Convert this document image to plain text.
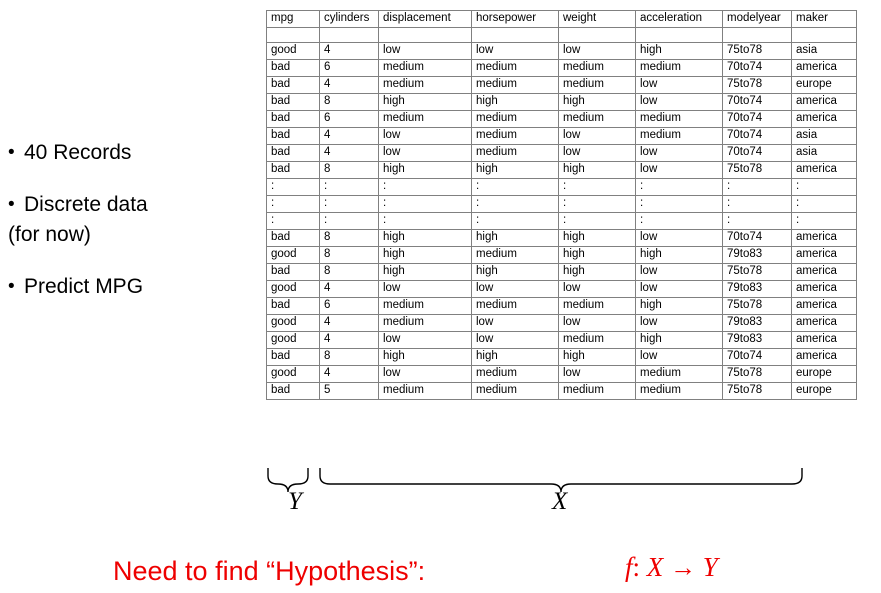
• 40 Records
• Discrete data
(for now)
• Predict MPG
mpg	cylinders	displacement	horsepower	weight	acceleration	modelyear	maker

good	4	low	low	low	high	75to78	asia
bad	6	medium	medium	medium	medium	70to74	america
bad	4	medium	medium	medium	low	75to78	europe
bad	8	high	high	high	low	70to74	america
bad	6	medium	medium	medium	medium	70to74	america
bad	4	low	medium	low	medium	70to74	asia
bad	4	low	medium	low	low	70to74	asia
bad	8	high	high	high	low	75to78	america
:	:	:	:	:	:	:	:
:	:	:	:	:	:	:	:
:	:	:	:	:	:	:	:
bad	8	high	high	high	low	70to74	america
good	8	high	medium	high	high	79to83	america
bad	8	high	high	high	low	75to78	america
good	4	low	low	low	low	79to83	america
bad	6	medium	medium	medium	high	75to78	america
good	4	medium	low	low	low	79to83	america
good	4	low	low	medium	high	79to83	america
bad	8	high	high	high	low	70to74	america
good	4	low	medium	low	medium	75to78	europe
bad	5	medium	medium	medium	medium	75to78	europe
Y	X
Need to find “Hypothesis”:	f: X → Y
